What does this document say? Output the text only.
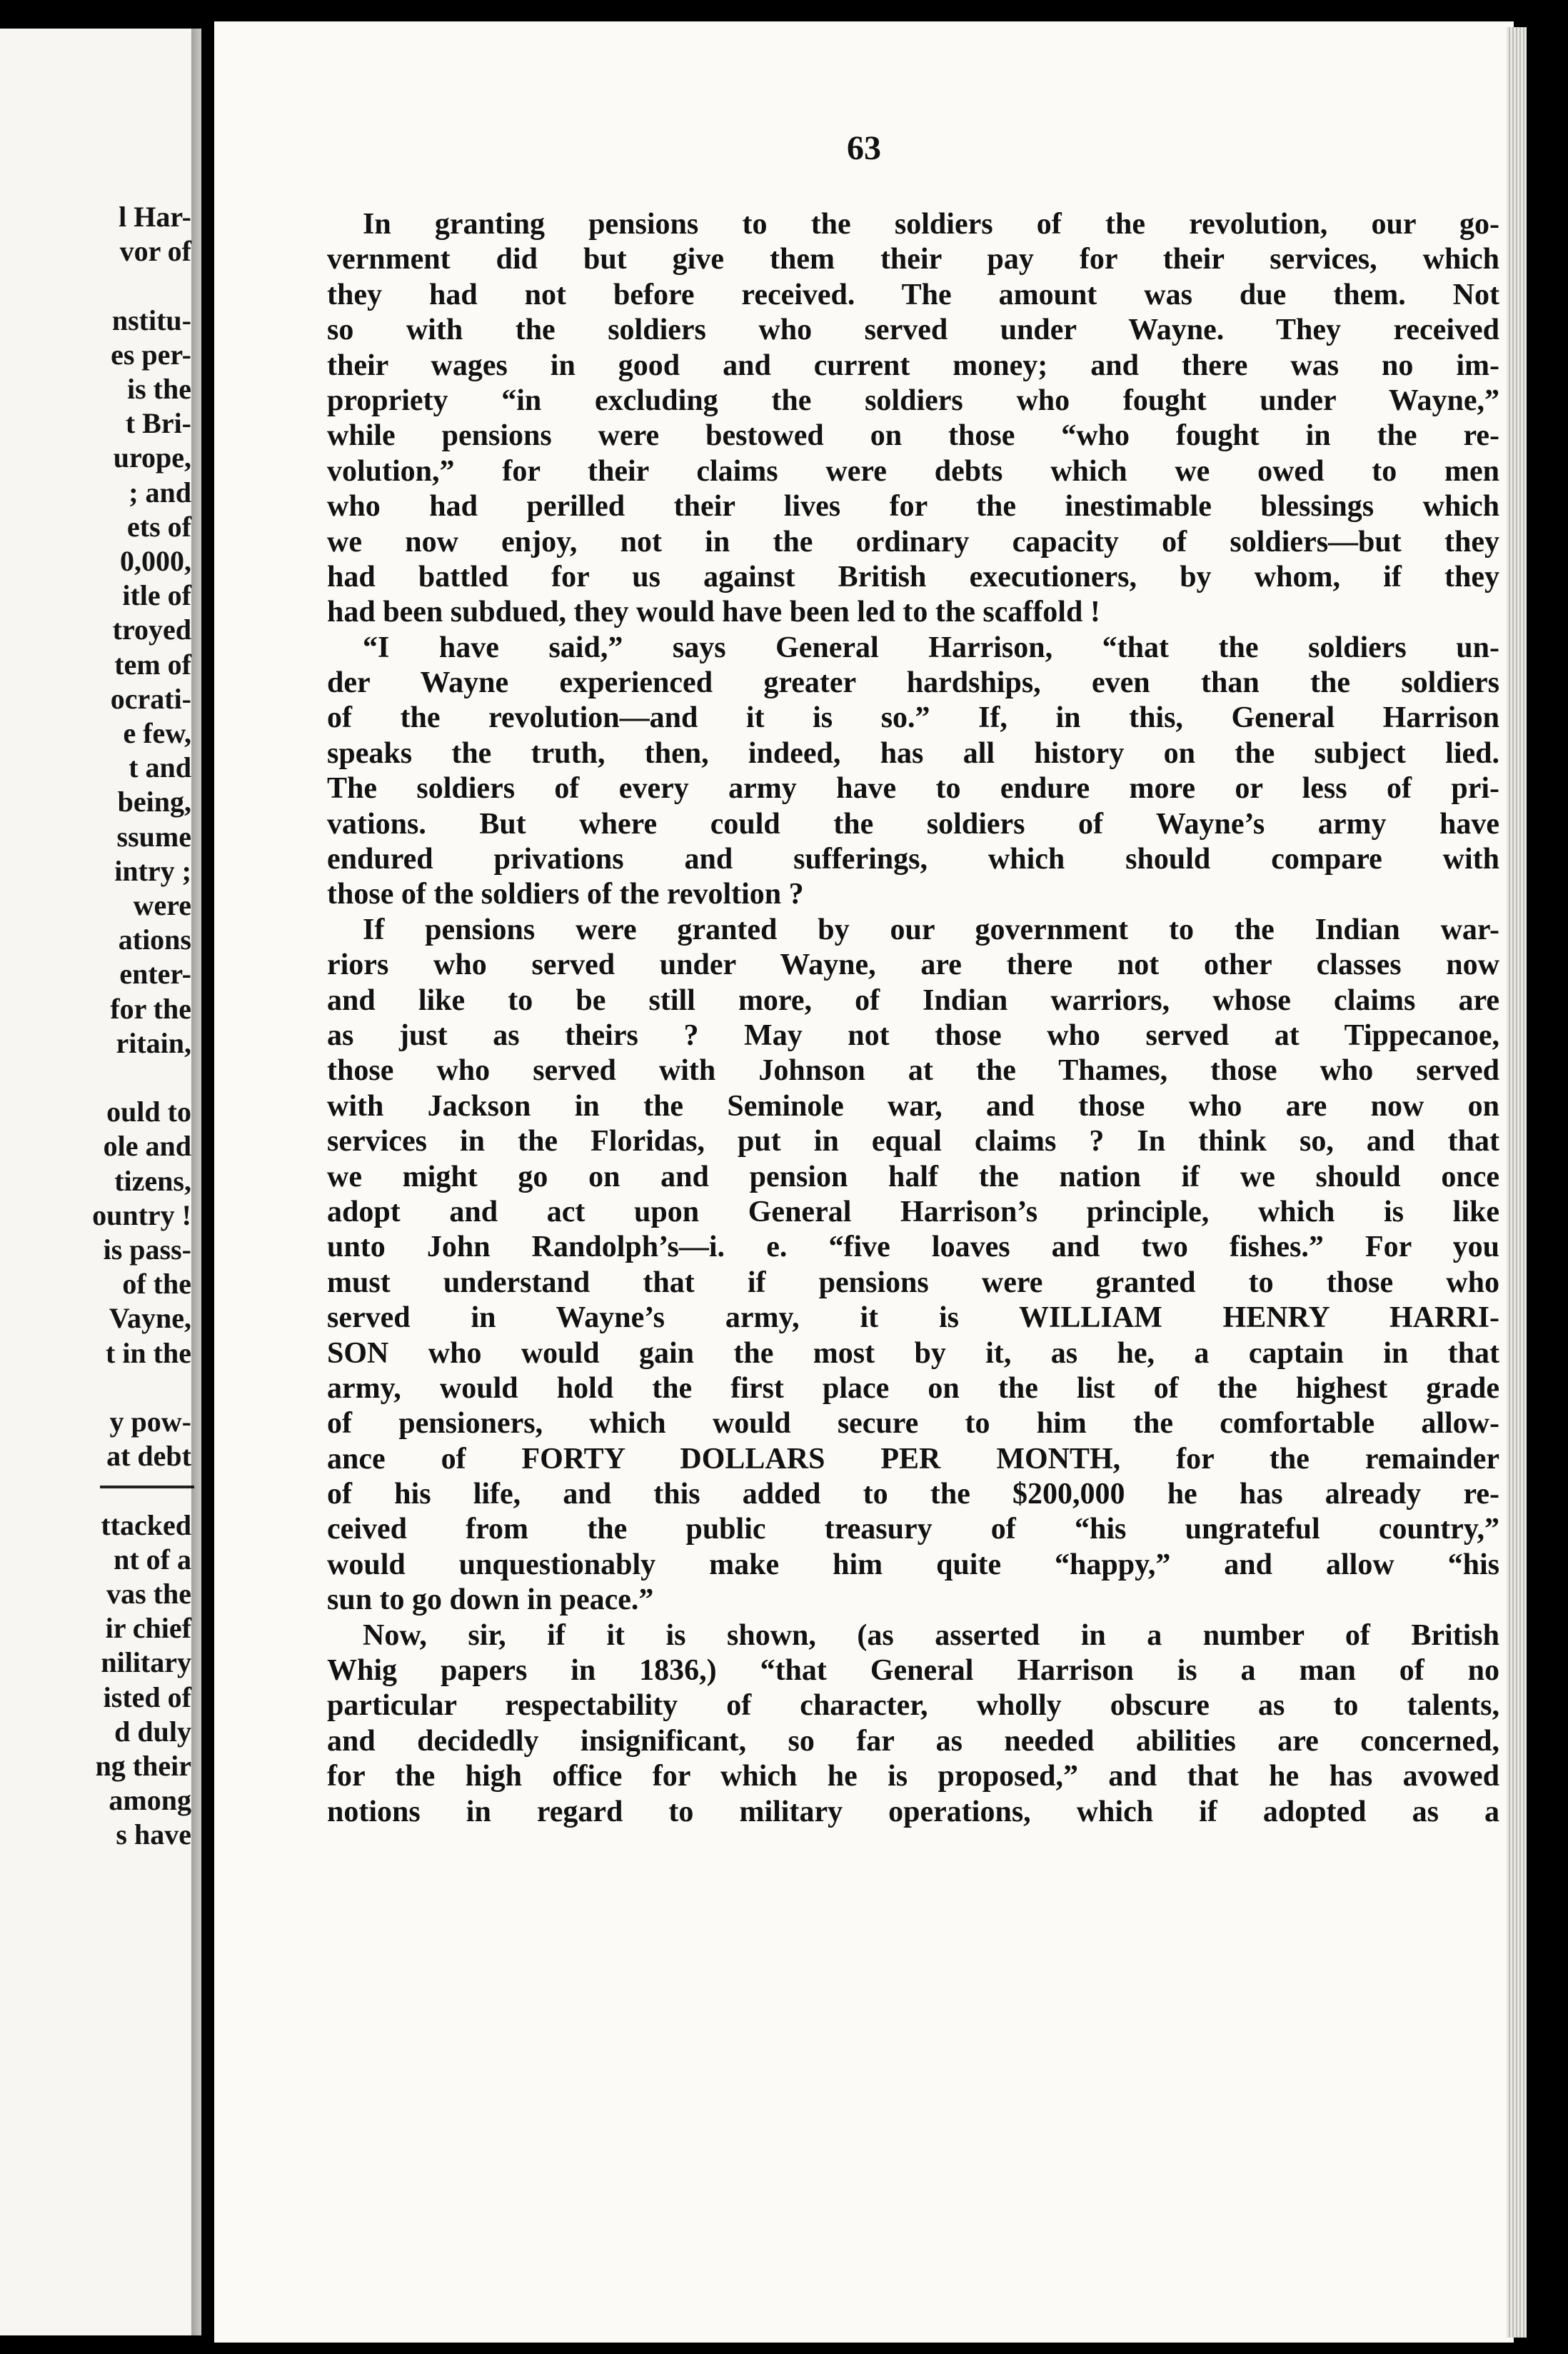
l Har-
vor of
nstitu-
es per-
is the
t Bri-
urope,
; and
ets of
0,000,
itle of
troyed
tem of
ocrati-
e few,
t and
being,
ssume
intry ;
were
ations
enter-
for the
ritain,
ould to
ole and
tizens,
ountry !
is pass-
of the
Vayne,
t in the
y pow-
at debt
ttacked
nt of a
vas the
ir chief
nilitary
isted of
d duly
ng their
among
s have
63
In granting pensions to the soldiers of the revolution, our go-
vernment did but give them their pay for their services, which
they had not before received. The amount was due them. Not
so with the soldiers who served under Wayne. They received
their wages in good and current money; and there was no im-
propriety “in excluding the soldiers who fought under Wayne,”
while pensions were bestowed on those “who fought in the re-
volution,” for their claims were debts which we owed to men
who had perilled their lives for the inestimable blessings which
we now enjoy, not in the ordinary capacity of soldiers—but they
had battled for us against British executioners, by whom, if they
had been subdued, they would have been led to the scaffold !
“I have said,” says General Harrison, “that the soldiers un-
der Wayne experienced greater hardships, even than the soldiers
of the revolution—and it is so.” If, in this, General Harrison
speaks the truth, then, indeed, has all history on the subject lied.
The soldiers of every army have to endure more or less of pri-
vations. But where could the soldiers of Wayne’s army have
endured privations and sufferings, which should compare with
those of the soldiers of the revoltion ?
If pensions were granted by our government to the Indian war-
riors who served under Wayne, are there not other classes now
and like to be still more, of Indian warriors, whose claims are
as just as theirs ? May not those who served at Tippecanoe,
those who served with Johnson at the Thames, those who served
with Jackson in the Seminole war, and those who are now on
services in the Floridas, put in equal claims ? In think so, and that
we might go on and pension half the nation if we should once
adopt and act upon General Harrison’s principle, which is like
unto John Randolph’s—i. e. “five loaves and two fishes.” For you
must understand that if pensions were granted to those who
served in Wayne’s army, it is WILLIAM HENRY HARRI-
SON who would gain the most by it, as he, a captain in that
army, would hold the first place on the list of the highest grade
of pensioners, which would secure to him the comfortable allow-
ance of FORTY DOLLARS PER MONTH, for the remainder
of his life, and this added to the $200,000 he has already re-
ceived from the public treasury of “his ungrateful country,”
would unquestionably make him quite “happy,” and allow “his
sun to go down in peace.”
Now, sir, if it is shown, (as asserted in a number of British
Whig papers in 1836,) “that General Harrison is a man of no
particular respectability of character, wholly obscure as to talents,
and decidedly insignificant, so far as needed abilities are concerned,
for the high office for which he is proposed,” and that he has avowed
notions in regard to military operations, which if adopted as a
